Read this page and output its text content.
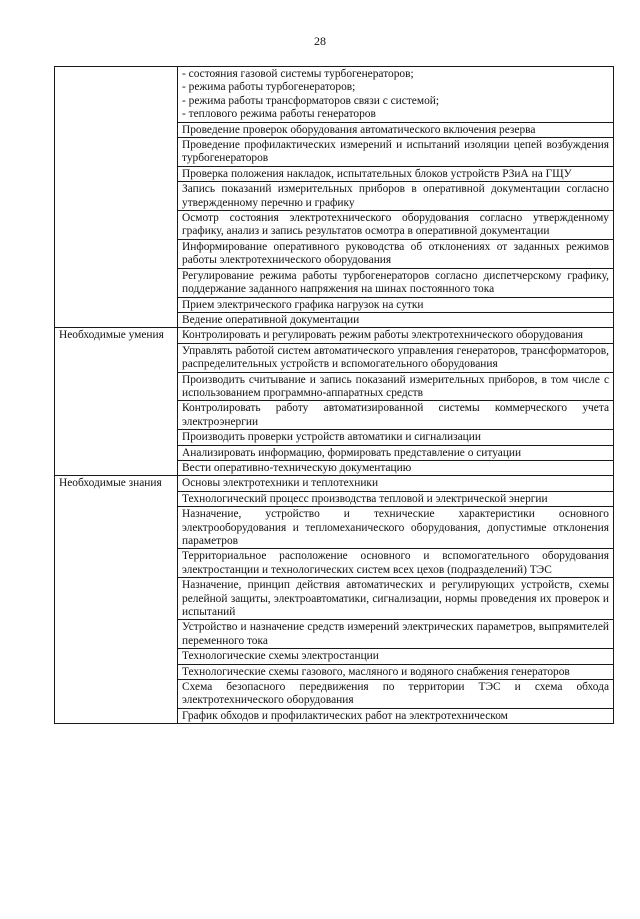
28

	- состояния газовой системы турбогенераторов;
- режима работы турбогенераторов;
- режима работы трансформаторов связи с системой;
- теплового режима работы генераторов

	Проведение проверок оборудования автоматического включения резерва
	Проведение профилактических измерений и испытаний изоляции цепей возбуждения турбогенераторов
	Проверка положения накладок, испытательных блоков устройств РЗиА на ГЩУ
	Запись показаний измерительных приборов в оперативной документации согласно утвержденному перечню и графику
	Осмотр состояния электротехнического оборудования согласно утвержденному графику, анализ и запись результатов осмотра в оперативной документации
	Информирование оперативного руководства об отклонениях от заданных режимов работы электротехнического оборудования
	Регулирование режима работы турбогенераторов согласно диспетчерскому графику, поддержание заданного напряжения на шинах постоянного тока
	Прием электрического графика нагрузок на сутки
	Ведение оперативной документации
Необходимые умения	Контролировать и регулировать режим работы электротехнического оборудования
	Управлять работой систем автоматического управления генераторов, трансформаторов, распределительных устройств и вспомогательного оборудования
	Производить считывание и запись показаний измерительных приборов, в том числе с использованием программно-аппаратных средств
	Контролировать работу автоматизированной системы коммерческого учета электроэнергии
	Производить проверки устройств автоматики и сигнализации
	Анализировать информацию, формировать представление о ситуации
	Вести оперативно-техническую документацию
Необходимые знания	Основы электротехники и теплотехники
	Технологический процесс производства тепловой и электрической энергии
	Назначение, устройство и технические характеристики основного электрооборудования и тепломеханического оборудования, допустимые отклонения параметров
	Территориальное расположение основного и вспомогательного оборудования электростанции и технологических систем всех цехов (подразделений) ТЭС
	Назначение, принцип действия автоматических и регулирующих устройств, схемы релейной защиты, электроавтоматики, сигнализации, нормы проведения их проверок и испытаний
	Устройство и назначение средств измерений электрических параметров, выпрямителей переменного тока
	Технологические схемы электростанции
	Технологические схемы газового, масляного и водяного снабжения генераторов
	Схема безопасного передвижения по территории ТЭС и схема обхода электротехнического оборудования
	График обходов и профилактических работ на электротехническом
